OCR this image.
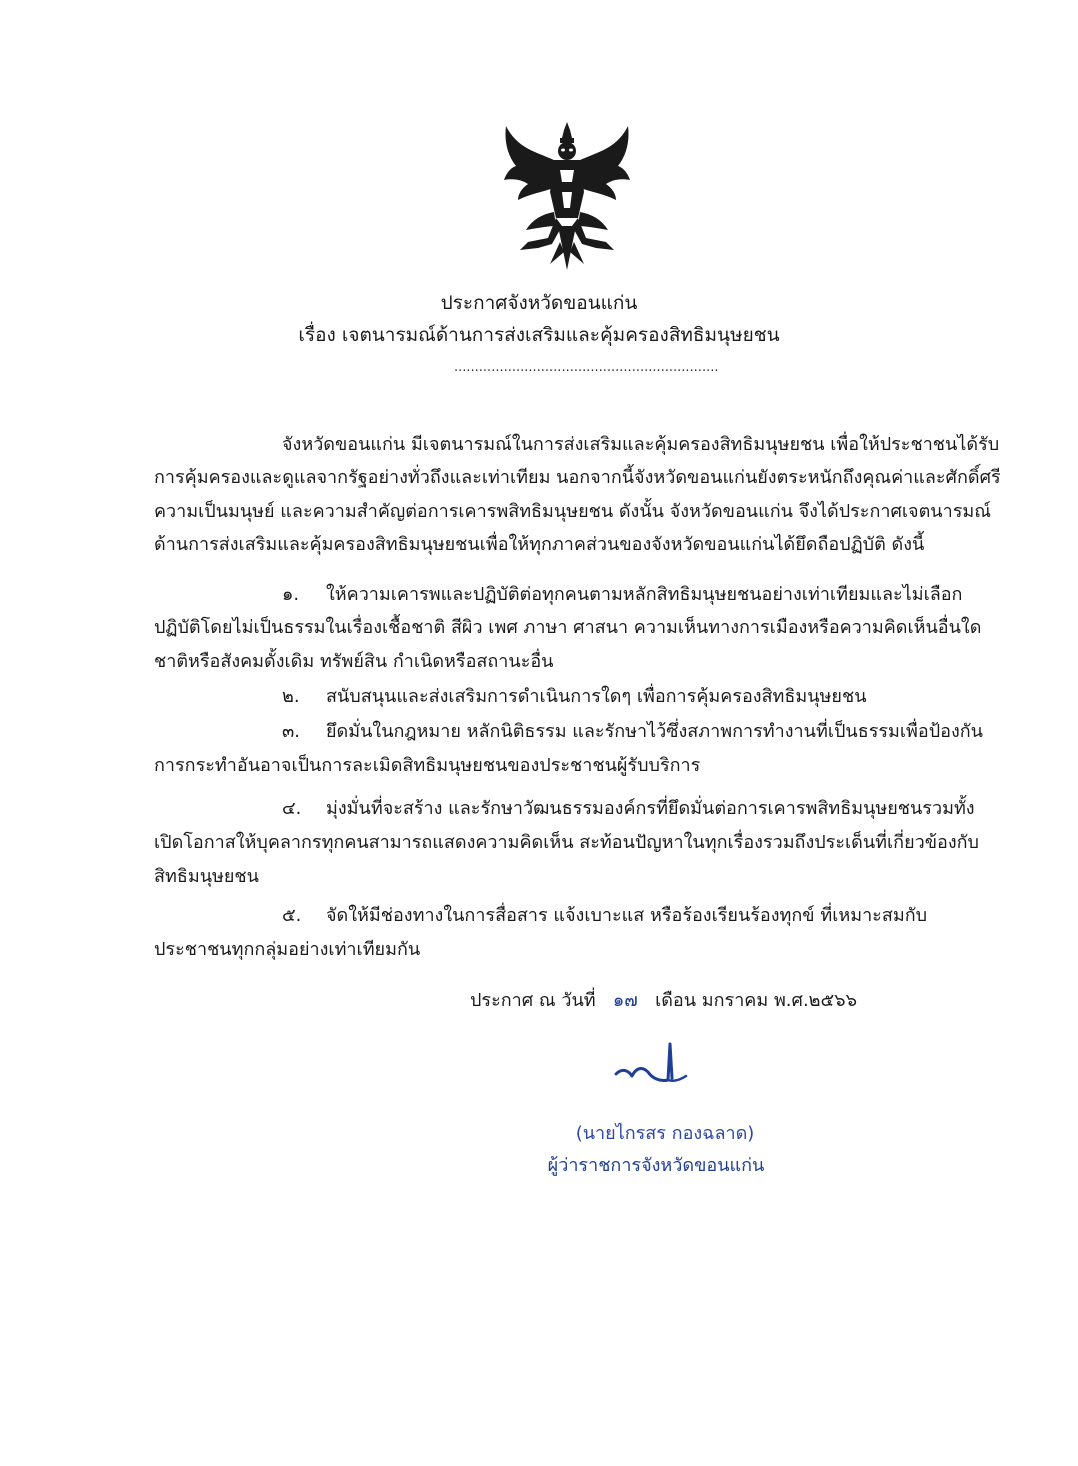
ประกาศจังหวัดขอนแก่น
เรื่อง เจตนารมณ์ด้านการส่งเสริมและคุ้มครองสิทธิมนุษยชน
................................................................
จังหวัดขอนแก่น มีเจตนารมณ์ในการส่งเสริมและคุ้มครองสิทธิมนุษยชน เพื่อให้ประชาชนได้รับ
การคุ้มครองและดูแลจากรัฐอย่างทั่วถึงและเท่าเทียม นอกจากนี้จังหวัดขอนแก่นยังตระหนักถึงคุณค่าและศักดิ์ศรี
ความเป็นมนุษย์ และความสำคัญต่อการเคารพสิทธิมนุษยชน ดังนั้น จังหวัดขอนแก่น จึงได้ประกาศเจตนารมณ์
ด้านการส่งเสริมและคุ้มครองสิทธิมนุษยชนเพื่อให้ทุกภาคส่วนของจังหวัดขอนแก่นได้ยึดถือปฏิบัติ ดังนี้
๑. ให้ความเคารพและปฏิบัติต่อทุกคนตามหลักสิทธิมนุษยชนอย่างเท่าเทียมและไม่เลือก
ปฏิบัติโดยไม่เป็นธรรมในเรื่องเชื้อชาติ สีผิว เพศ ภาษา ศาสนา ความเห็นทางการเมืองหรือความคิดเห็นอื่นใด
ชาติหรือสังคมดั้งเดิม ทรัพย์สิน กำเนิดหรือสถานะอื่น
๒. สนับสนุนและส่งเสริมการดำเนินการใดๆ เพื่อการคุ้มครองสิทธิมนุษยชน
๓. ยึดมั่นในกฎหมาย หลักนิติธรรม และรักษาไว้ซึ่งสภาพการทำงานที่เป็นธรรมเพื่อป้องกัน
การกระทำอันอาจเป็นการละเมิดสิทธิมนุษยชนของประชาชนผู้รับบริการ
๔. มุ่งมั่นที่จะสร้าง และรักษาวัฒนธรรมองค์กรที่ยึดมั่นต่อการเคารพสิทธิมนุษยชนรวมทั้ง
เปิดโอกาสให้บุคลากรทุกคนสามารถแสดงความคิดเห็น สะท้อนปัญหาในทุกเรื่องรวมถึงประเด็นที่เกี่ยวข้องกับ
สิทธิมนุษยชน
๕. จัดให้มีช่องทางในการสื่อสาร แจ้งเบาะแส หรือร้องเรียนร้องทุกข์ ที่เหมาะสมกับ
ประชาชนทุกกลุ่มอย่างเท่าเทียมกัน
ประกาศ ณ วันที่ ๑๗ เดือน มกราคม พ.ศ.๒๕๖๖
(นายไกรสร กองฉลาด)
ผู้ว่าราชการจังหวัดขอนแก่น
